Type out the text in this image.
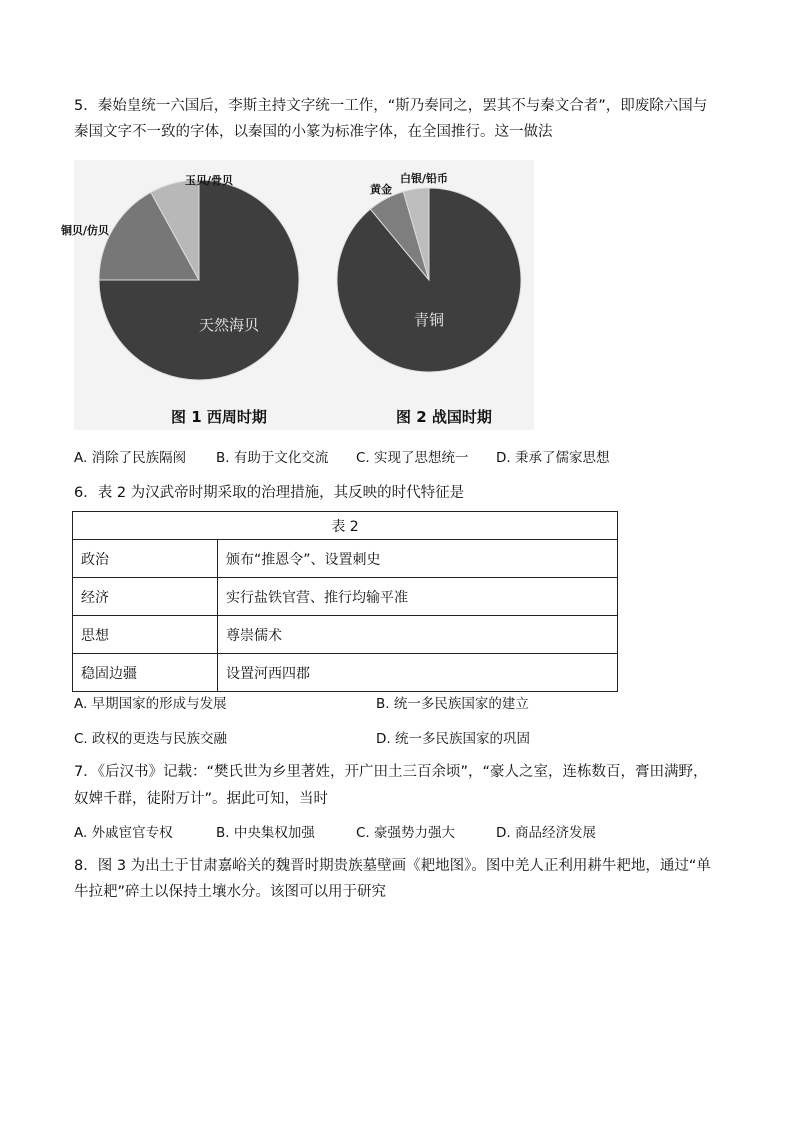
5．秦始皇统一六国后，李斯主持文字统一工作，“斯乃奏同之，罢其不与秦文合者”，即废除六国与
秦国文字不一致的字体，以秦国的小篆为标准字体，在全国推行。这一做法
天然海贝
铜贝/仿贝
玉贝/骨贝
图 1 西周时期
青铜
黄金
白银/铅币
图 2 战国时期
A. 消除了民族隔阂 B. 有助于文化交流 C. 实现了思想统一 D. 秉承了儒家思想
6．表 2 为汉武帝时期采取的治理措施，其反映的时代特征是
表 2	
政治	颁布“推恩令”、设置刺史
经济	实行盐铁官营、推行均输平准
思想	尊崇儒术
稳固边疆	设置河西四郡
A. 早期国家的形成与发展	B. 统一多民族国家的建立
C. 政权的更迭与民族交融	D. 统一多民族国家的巩固
7．《后汉书》记载：“樊氏世为乡里著姓，开广田土三百余顷”，“豪人之室，连栋数百，膏田满野，
奴婢千群，徒附万计”。据此可知，当时
A. 外戚宦官专权	B. 中央集权加强	C. 豪强势力强大	D. 商品经济发展
8．图 3 为出土于甘肃嘉峪关的魏晋时期贵族墓壁画《耙地图》。图中羌人正利用耕牛耙地，通过“单
牛拉耙”碎土以保持土壤水分。该图可以用于研究
